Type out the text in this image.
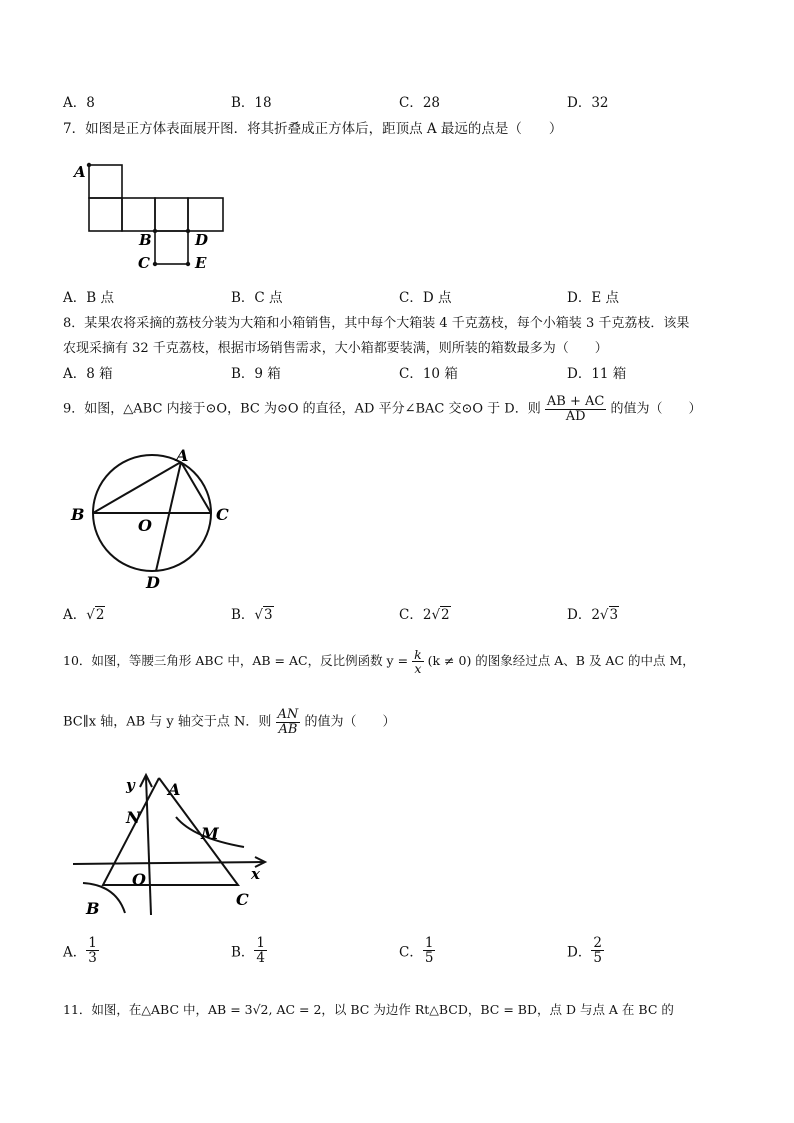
A．8	B．18	C．28	D．32
7．如图是正方体表面展开图．将其折叠成正方体后，距顶点 A 最远的点是（　　）
A
B	D
C	E
A．B 点	B．C 点	C．D 点	D．E 点
8．某果农将采摘的荔枝分装为大箱和小箱销售，其中每个大箱装 4 千克荔枝，每个小箱装 3 千克荔枝．该果
农现采摘有 32 千克荔枝，根据市场销售需求，大小箱都要装满，则所装的箱数最多为（　　）
A．8 箱	B．9 箱	C．10 箱	D．11 箱
9．如图，△ABC 内接于⊙O，BC 为⊙O 的直径，AD 平分∠BAC 交⊙O 于 D．则 $\frac{AB + AC}{AD}$ 的值为（　　）
A
B	C
O
D
A．√2	B．√3	C．2√2	D．2√3
10．如图，等腰三角形 ABC 中，AB = AC，反比例函数 $y = \frac{k}{x} (k \ne 0)$ 的图象经过点 A、B 及 AC 的中点 M，
BC∥x 轴，AB 与 y 轴交于点 N．则 $\frac{AN}{AB}$ 的值为（　　）
y A
N
M
x
O
B	C
A． $\frac{1}{3}$	B． $\frac{1}{4}$	C． $\frac{1}{5}$	D． $\frac{2}{5}$
11．如图，在△ABC 中，AB = 3√2, AC = 2，以 BC 为边作 Rt△BCD，BC = BD，点 D 与点 A 在 BC 的
